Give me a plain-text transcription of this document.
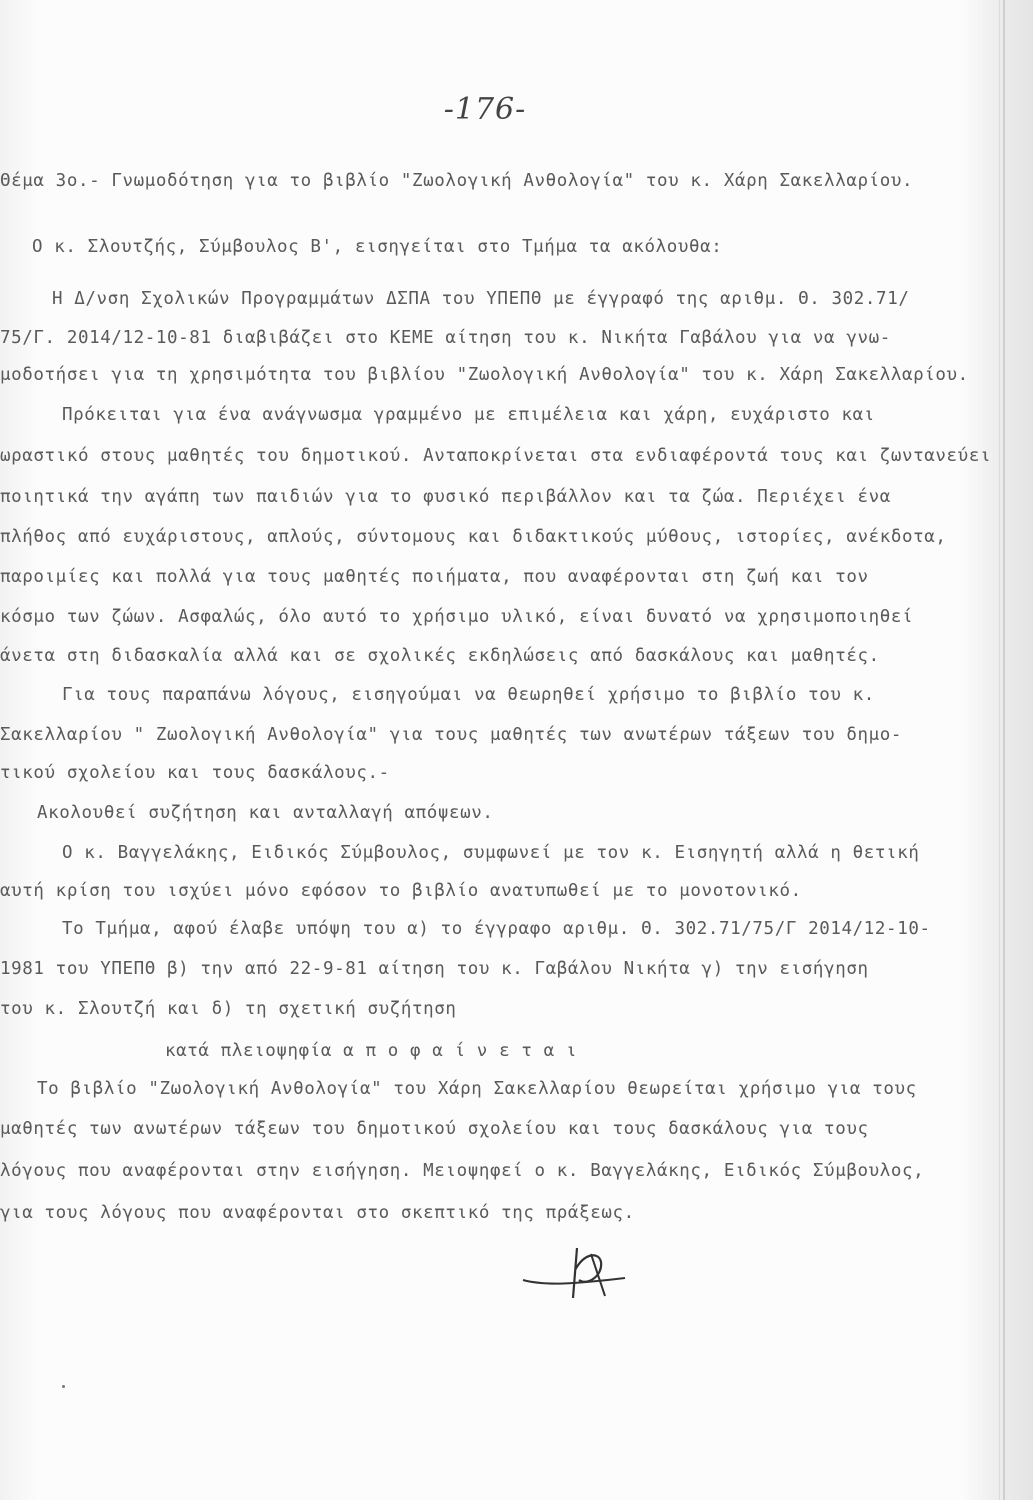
-176-
Θέμα 3ο.- Γνωμοδότηση για το βιβλίο "Ζωολογική Ανθολογία" του κ. Χάρη Σακελλαρίου.
Ο κ. Σλουτζής, Σύμβουλος Β', εισηγείται στο Τμήμα τα ακόλουθα:
Η Δ/νση Σχολικών Προγραμμάτων ΔΣΠΑ του ΥΠΕΠΘ με έγγραφό της αριθμ. Θ. 302.71/
75/Γ. 2014/12-10-81 διαβιβάζει στο ΚΕΜΕ αίτηση του κ. Νικήτα Γαβάλου για να γνω-
μοδοτήσει για τη χρησιμότητα του βιβλίου "Ζωολογική Ανθολογία" του κ. Χάρη Σακελλαρίου.
Πρόκειται για ένα ανάγνωσμα γραμμένο με επιμέλεια και χάρη, ευχάριστο και
ωραστικό στους μαθητές του δημοτικού. Ανταποκρίνεται στα ενδιαφέροντά τους και ζωντανεύει
ποιητικά την αγάπη των παιδιών για το φυσικό περιβάλλον και τα ζώα. Περιέχει ένα
πλήθος από ευχάριστους, απλούς, σύντομους και διδακτικούς μύθους, ιστορίες, ανέκδοτα,
παροιμίες και πολλά για τους μαθητές ποιήματα, που αναφέρονται στη ζωή και τον
κόσμο των ζώων. Ασφαλώς, όλο αυτό το χρήσιμο υλικό, είναι δυνατό να χρησιμοποιηθεί
άνετα στη διδασκαλία αλλά και σε σχολικές εκδηλώσεις από δασκάλους και μαθητές.
Για τους παραπάνω λόγους, εισηγούμαι να θεωρηθεί χρήσιμο το βιβλίο του κ.
Σακελλαρίου " Ζωολογική Ανθολογία" για τους μαθητές των ανωτέρων τάξεων του δημο-
τικού σχολείου και τους δασκάλους.-
Ακολουθεί συζήτηση και ανταλλαγή απόψεων.
Ο κ. Βαγγελάκης, Ειδικός Σύμβουλος, συμφωνεί με τον κ. Εισηγητή αλλά η θετική
αυτή κρίση του ισχύει μόνο εφόσον το βιβλίο ανατυπωθεί με το μονοτονικό.
Το Τμήμα, αφού έλαβε υπόψη του α) το έγγραφο αριθμ. Θ. 302.71/75/Γ 2014/12-10-
1981 του ΥΠΕΠΘ β) την από 22-9-81 αίτηση του κ. Γαβάλου Νικήτα γ) την εισήγηση
του κ. Σλουτζή και δ) τη σχετική συζήτηση
κατά πλειοψηφία α π ο φ α ί ν ε τ α ι
Το βιβλίο "Ζωολογική Ανθολογία" του Χάρη Σακελλαρίου θεωρείται χρήσιμο για τους
μαθητές των ανωτέρων τάξεων του δημοτικού σχολείου και τους δασκάλους για τους
λόγους που αναφέρονται στην εισήγηση. Μειοψηφεί ο κ. Βαγγελάκης, Ειδικός Σύμβουλος,
για τους λόγους που αναφέρονται στο σκεπτικό της πράξεως.
